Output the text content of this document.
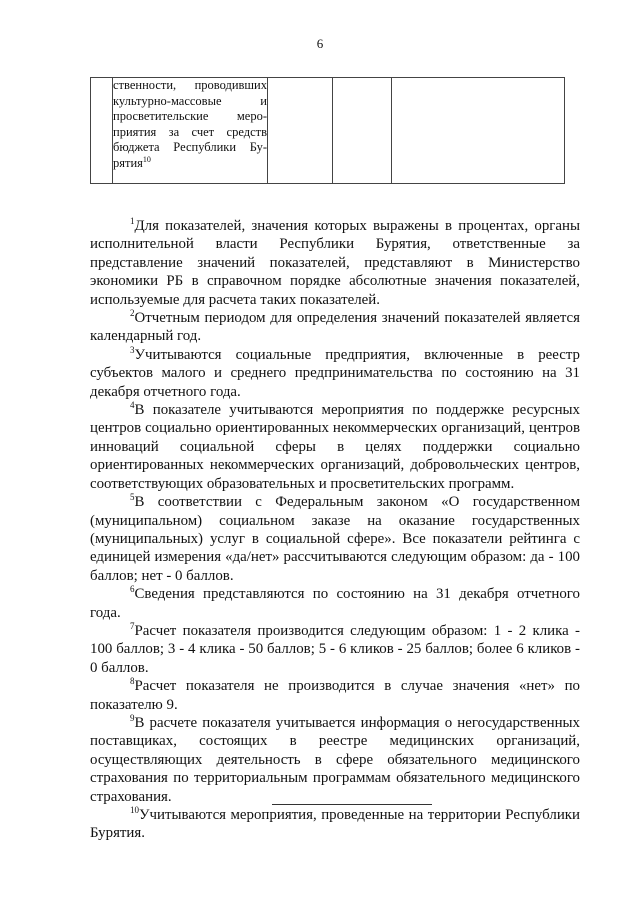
6

ственности, проводивших
культурно-массовые и
просветительские меро-
приятия за счет средств
бюджета Республики Бу-
рятия$^{10}$

$^1$Для показателей, значения которых выражены в процентах, органы исполнительной власти Республики Бурятия, ответственные за представление значений показателей, представляют в Министерство экономики РБ в справочном порядке абсолютные значения показателей, используемые для расчета таких показателей.

$^2$Отчетным периодом для определения значений показателей является календарный год.

$^3$Учитываются социальные предприятия, включенные в реестр субъектов малого и среднего предпринимательства по состоянию на 31 декабря отчетного года.

$^4$В показателе учитываются мероприятия по поддержке ресурсных центров социально ориентированных некоммерческих организаций, центров инноваций социальной сферы в целях поддержки социально ориентированных некоммерческих организаций, добровольческих центров, соответствующих образовательных и просветительских программ.

$^5$В соответствии с Федеральным законом «О государственном (муниципальном) социальном заказе на оказание государственных (муниципальных) услуг в социальной сфере». Все показатели рейтинга с единицей измерения «да/нет» рассчитываются следующим образом: да - 100 баллов; нет - 0 баллов.

$^6$Сведения представляются по состоянию на 31 декабря отчетного года.

$^7$Расчет показателя производится следующим образом: 1 - 2 клика - 100 баллов; 3 - 4 клика - 50 баллов; 5 - 6 кликов - 25 баллов; более 6 кликов - 0 баллов.

$^8$Расчет показателя не производится в случае значения «нет» по показателю 9.

$^9$В расчете показателя учитывается информация о негосударственных поставщиках, состоящих в реестре медицинских организаций, осуществляющих деятельность в сфере обязательного медицинского страхования по территориальным программам обязательного медицинского страхования.

$^{10}$Учитываются мероприятия, проведенные на территории Республики Бурятия.
